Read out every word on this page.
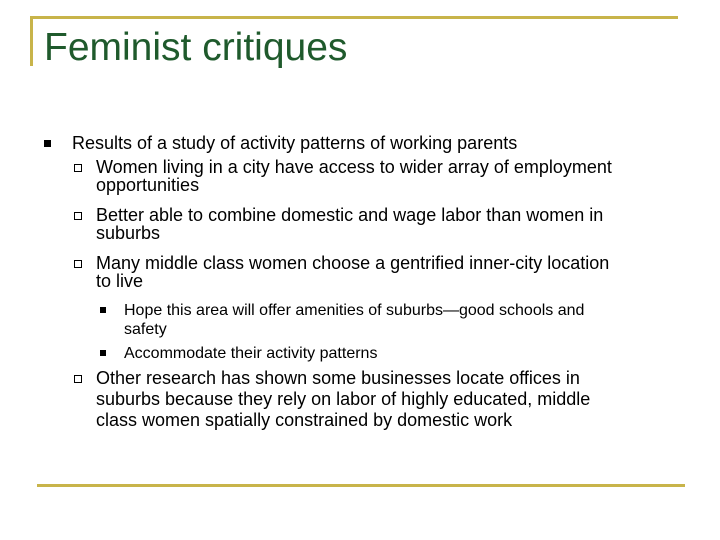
Feminist critiques
Results of a study of activity patterns of working parents
Women living in a city have access to wider array of employment
opportunities
Better able to combine domestic and wage labor than women in
suburbs
Many middle class women choose a gentrified inner-city location
to live
Hope this area will offer amenities of suburbs—good schools and
safety
Accommodate their activity patterns
Other research has shown some businesses locate offices in
suburbs because they rely on labor of highly educated, middle
class women spatially constrained by domestic work
